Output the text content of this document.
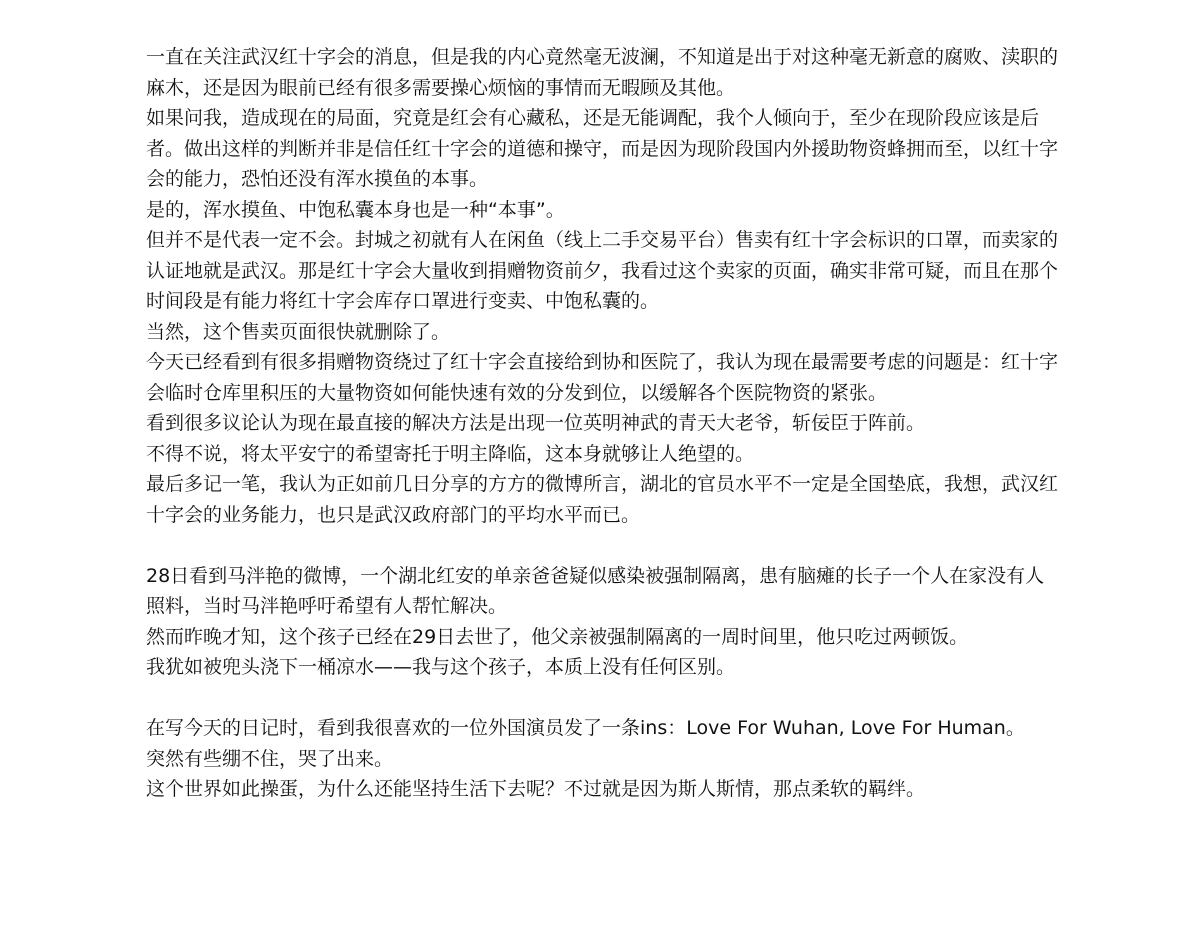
一直在关注武汉红十字会的消息，但是我的内心竟然毫无波澜，不知道是出于对这种毫无新意的腐败、渎职的麻木，还是因为眼前已经有很多需要操心烦恼的事情而无暇顾及其他。

如果问我，造成现在的局面，究竟是红会有心藏私，还是无能调配，我个人倾向于，至少在现阶段应该是后者。做出这样的判断并非是信任红十字会的道德和操守，而是因为现阶段国内外援助物资蜂拥而至，以红十字会的能力，恐怕还没有浑水摸鱼的本事。

是的，浑水摸鱼、中饱私囊本身也是一种“本事”。

但并不是代表一定不会。封城之初就有人在闲鱼（线上二手交易平台）售卖有红十字会标识的口罩，而卖家的认证地就是武汉。那是红十字会大量收到捐赠物资前夕，我看过这个卖家的页面，确实非常可疑，而且在那个时间段是有能力将红十字会库存口罩进行变卖、中饱私囊的。

当然，这个售卖页面很快就删除了。

今天已经看到有很多捐赠物资绕过了红十字会直接给到协和医院了，我认为现在最需要考虑的问题是：红十字会临时仓库里积压的大量物资如何能快速有效的分发到位，以缓解各个医院物资的紧张。

看到很多议论认为现在最直接的解决方法是出现一位英明神武的青天大老爷，斩佞臣于阵前。

不得不说，将太平安宁的希望寄托于明主降临，这本身就够让人绝望的。

最后多记一笔，我认为正如前几日分享的方方的微博所言，湖北的官员水平不一定是全国垫底，我想，武汉红十字会的业务能力，也只是武汉政府部门的平均水平而已。

28日看到马泮艳的微博，一个湖北红安的单亲爸爸疑似感染被强制隔离，患有脑瘫的长子一个人在家没有人照料，当时马泮艳呼吁希望有人帮忙解决。

然而昨晚才知，这个孩子已经在29日去世了，他父亲被强制隔离的一周时间里，他只吃过两顿饭。

我犹如被兜头浇下一桶凉水——我与这个孩子，本质上没有任何区别。

在写今天的日记时，看到我很喜欢的一位外国演员发了一条ins：Love For Wuhan, Love For Human。

突然有些绷不住，哭了出来。

这个世界如此操蛋，为什么还能坚持生活下去呢？不过就是因为斯人斯情，那点柔软的羁绊。
